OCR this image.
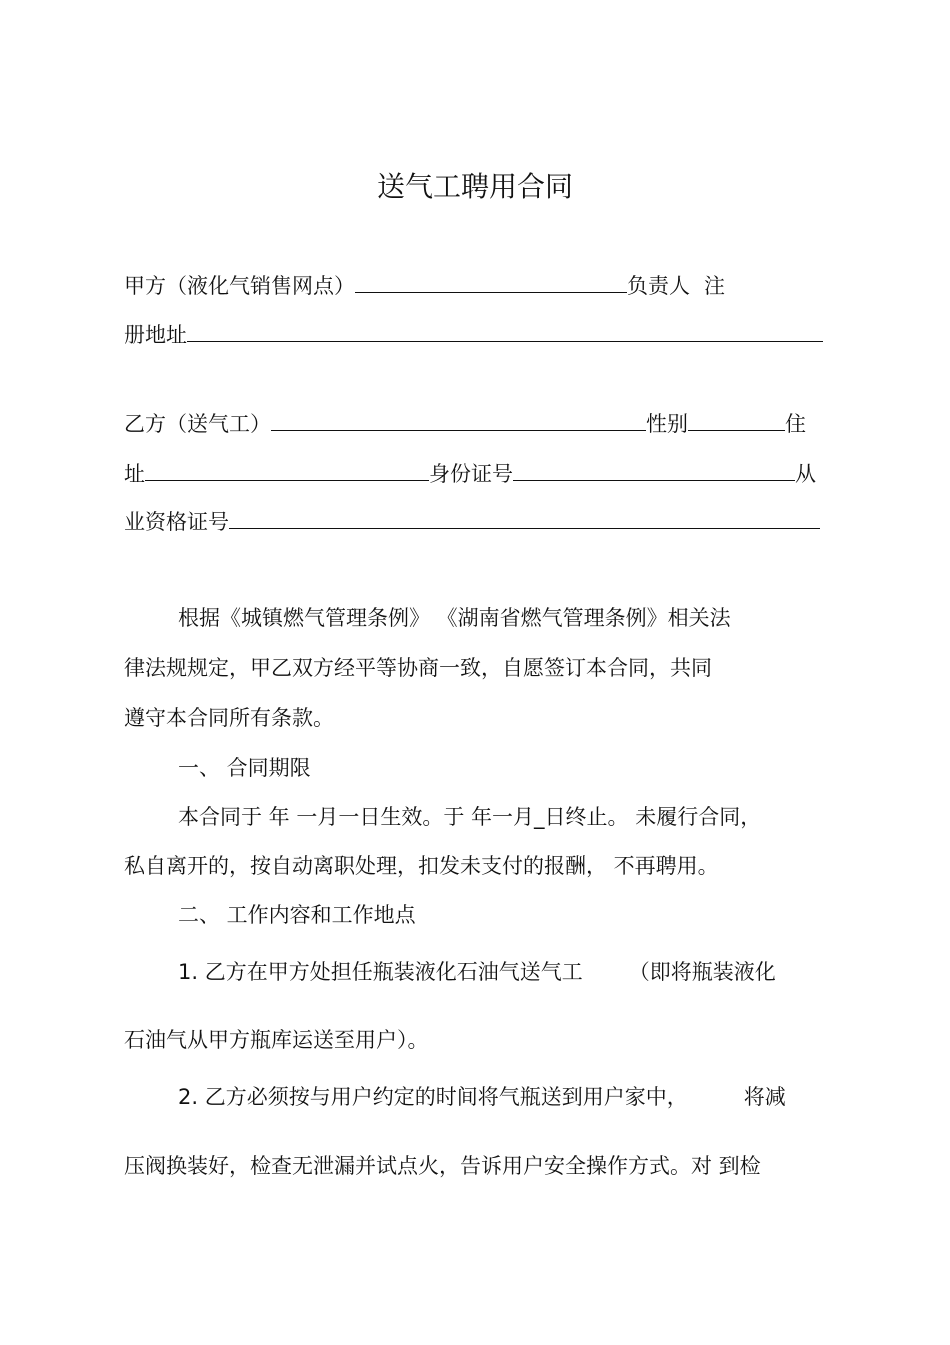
送气工聘用合同
甲方（液化气销售网点）	负责人 注
册地址
乙方（送气工）	性别	住
址	身份证号	从
业资格证号
根据《城镇燃气管理条例》 《湖南省燃气管理条例》相关法
律法规规定，甲乙双方经平等协商一致，自愿签订本合同，共同
遵守本合同所有条款。
一、 合同期限
本合同于 年 一月一日生效。于 年一月_日终止。 未履行合同，
私自离开的，按自动离职处理，扣发未支付的报酬， 不再聘用。
二、 工作内容和工作地点
1. 乙方在甲方处担任瓶装液化石油气送气工 （即将瓶装液化
石油气从甲方瓶库运送至用户）。
2. 乙方必须按与用户约定的时间将气瓶送到用户家中，	将减
压阀换装好，检查无泄漏并试点火，告诉用户安全操作方式。对 到检
